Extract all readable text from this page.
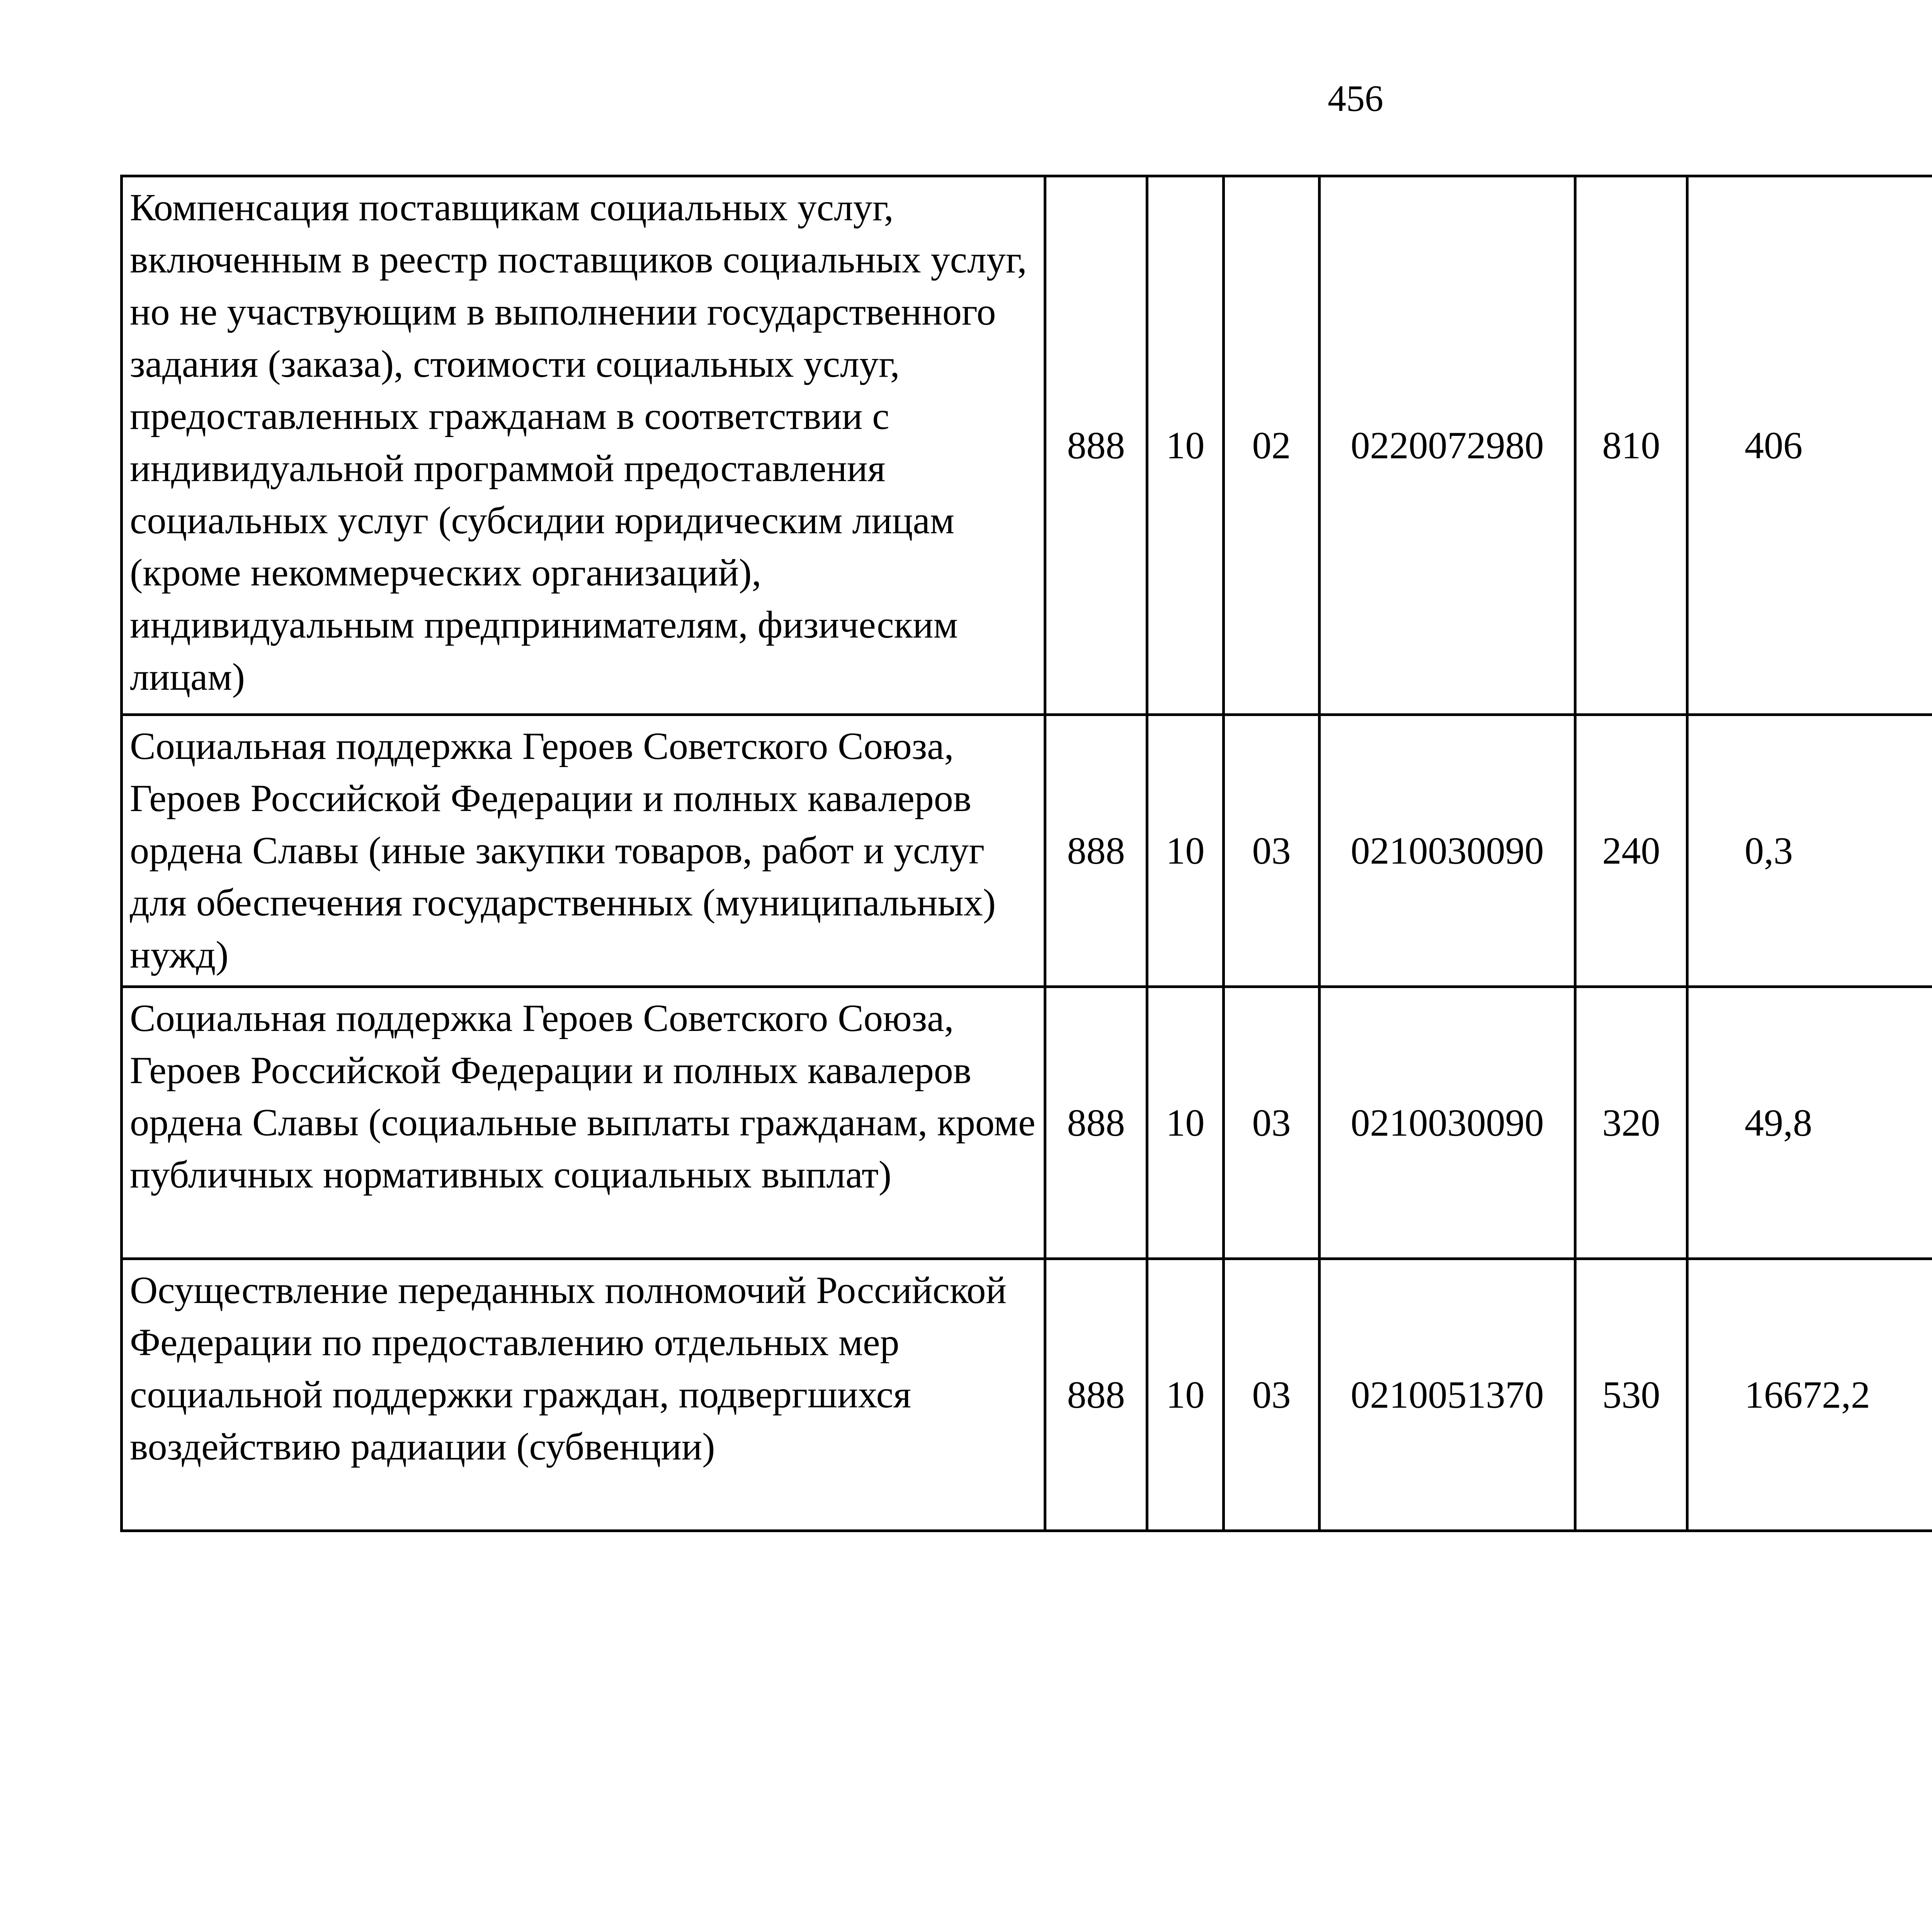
456
Компенсация поставщикам социальных услуг, включенным в реестр поставщиков социальных услуг, но не участвующим в выполнении государственного задания (заказа), стоимости социальных услуг, предоставленных гражданам в соответствии с индивидуальной программой предоставления социальных услуг (субсидии юридическим лицам (кроме некоммерческих организаций), индивидуальным предпринимателям, физическим лицам)	888	10	02	0220072980	810	406		
Социальная поддержка Героев Советского Союза, Героев Российской Федерации и полных кавалеров ордена Славы (иные закупки товаров, работ и услуг для обеспечения государственных (муниципальных) нужд)	888	10	03	0210030090	240	0,3		
Социальная поддержка Героев Советского Союза, Героев Российской Федерации и полных кавалеров ордена Славы (социальные выплаты гражданам, кроме публичных нормативных социальных выплат)	888	10	03	0210030090	320	49,8		
Осуществление переданных полномочий Российской Федерации по предоставлению отдельных мер социальной поддержки граждан, подвергшихся воздействию радиации (субвенции)	888	10	03	0210051370	530	16672,2		
